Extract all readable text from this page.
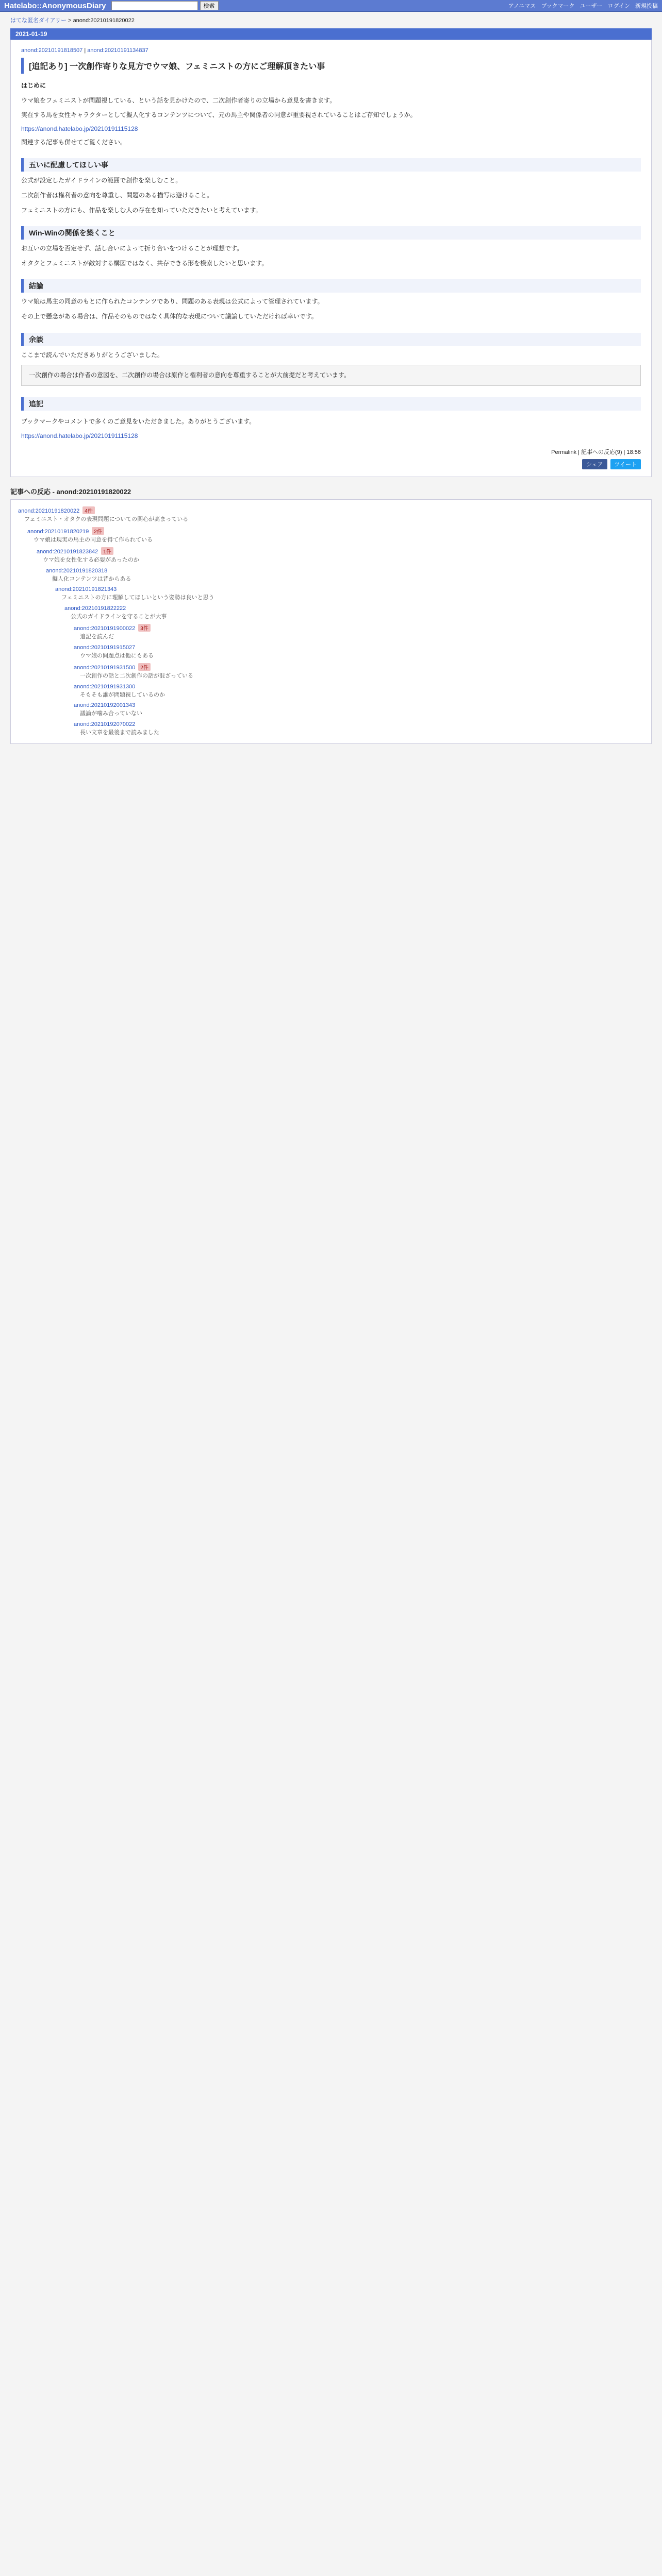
Hatelabo::AnonymousDiary	検索	アノニマス ブックマーク ユーザー ログイン 新規投稿
はてな匿名ダイアリー > anond:20210191820022
2021-01-19
anond:20210191818507 | anond:20210191134837
[追記あり] 一次創作寄りな見方でウマ娘、フェミニストの方にご理解頂きたい事

はじめに

ウマ娘をフェミニストが問題視している、という話を見かけたので、二次創作者寄りの立場から意見を書きます。

実在する馬を女性キャラクターとして擬人化するコンテンツについて、元の馬主や関係者の同意が重要視されていることはご存知でしょうか。

https://anond.hatelabo.jp/20210191115128

関連する記事も併せてご覧ください。

五いに配慮してほしい事

公式が設定したガイドラインの範囲で創作を楽しむこと。

二次創作者は権利者の意向を尊重し、問題のある描写は避けること。

フェミニストの方にも、作品を楽しむ人の存在を知っていただきたいと考えています。

Win-Winの関係を築くこと

お互いの立場を否定せず、話し合いによって折り合いをつけることが理想です。

オタクとフェミニストが敵対する構図ではなく、共存できる形を模索したいと思います。

結論

ウマ娘は馬主の同意のもとに作られたコンテンツであり、問題のある表現は公式によって管理されています。

その上で懸念がある場合は、作品そのものではなく具体的な表現について議論していただければ幸いです。

余談

ここまで読んでいただきありがとうございました。

一次創作の場合は作者の意図を、二次創作の場合は原作と権利者の意向を尊重することが大前提だと考えています。
追記

ブックマークやコメントで多くのご意見をいただきました。ありがとうございます。

https://anond.hatelabo.jp/20210191115128
Permalink | 記事への反応(9) | 18:56
シェア	ツイート
記事への反応 - anond:20210191820022
anond:20210191820022 4件
フェミニスト・オタクの表現問題についての関心が高まっている
anond:20210191820219 2件
ウマ娘は現実の馬主の同意を得て作られている
anond:20210191823842 1件
ウマ娘を女性化する必要があったのか
anond:20210191820318
擬人化コンテンツは昔からある
anond:20210191821343
フェミニストの方に理解してほしいという姿勢は良いと思う
anond:20210191822222
公式のガイドラインを守ることが大事
anond:20210191900022 3件
追記を読んだ
anond:20210191915027
ウマ娘の問題点は他にもある
anond:20210191931500 2件
一次創作の話と二次創作の話が混ざっている
anond:20210191931300
そもそも誰が問題視しているのか
anond:20210192001343
議論が噛み合っていない
anond:20210192070022
長い文章を最後まで読みました
